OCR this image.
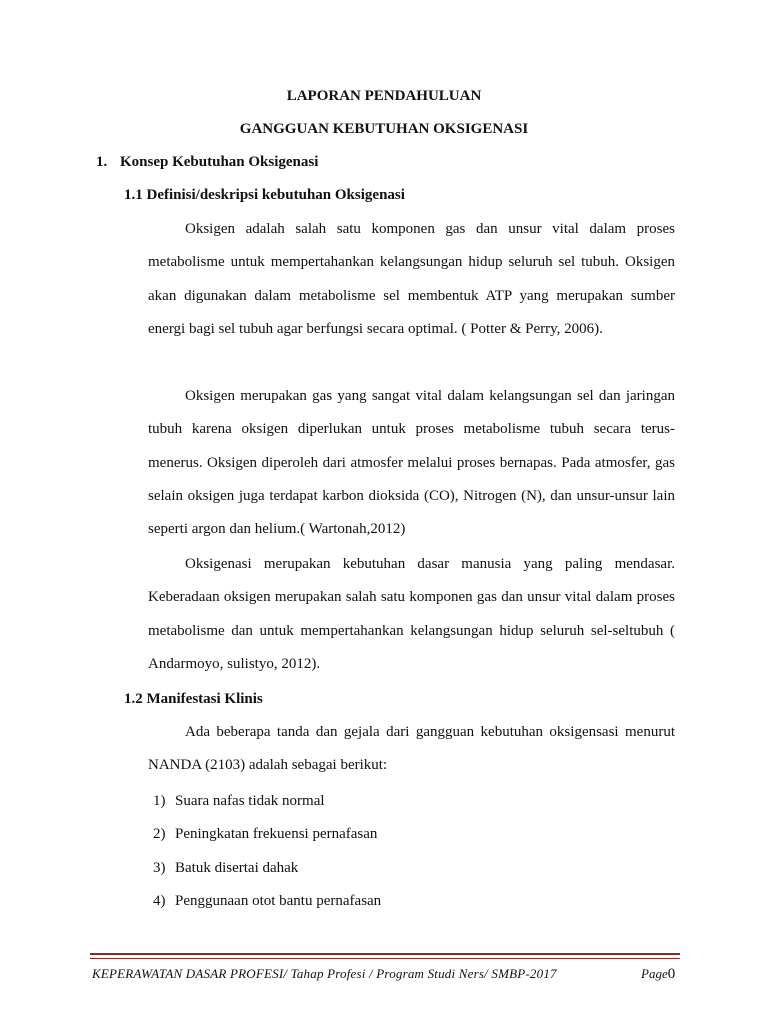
LAPORAN PENDAHULUAN
GANGGUAN KEBUTUHAN OKSIGENASI
1. Konsep Kebutuhan Oksigenasi
1.1 Definisi/deskripsi kebutuhan Oksigenasi

Oksigen adalah salah satu komponen gas dan unsur vital dalam proses metabolisme untuk mempertahankan kelangsungan hidup seluruh sel tubuh. Oksigen akan digunakan dalam metabolisme sel membentuk ATP yang merupakan sumber energi bagi sel tubuh agar berfungsi secara optimal. ( Potter & Perry, 2006).

Oksigen merupakan gas yang sangat vital dalam kelangsungan sel dan jaringan tubuh karena oksigen diperlukan untuk proses metabolisme tubuh secara terus-menerus. Oksigen diperoleh dari atmosfer melalui proses bernapas. Pada atmosfer, gas selain oksigen juga terdapat karbon dioksida (CO), Nitrogen (N), dan unsur-unsur lain seperti argon dan helium.( Wartonah,2012)

Oksigenasi merupakan kebutuhan dasar manusia yang paling mendasar. Keberadaan oksigen merupakan salah satu komponen gas dan unsur vital dalam proses metabolisme dan untuk mempertahankan kelangsungan hidup seluruh sel-seltubuh ( Andarmoyo, sulistyo, 2012).

1.2 Manifestasi Klinis

Ada beberapa tanda dan gejala dari gangguan kebutuhan oksigensasi menurut NANDA (2103) adalah sebagai berikut:

1) Suara nafas tidak normal
2) Peningkatan frekuensi pernafasan
3) Batuk disertai dahak
4) Penggunaan otot bantu pernafasan
KEPERAWATAN DASAR PROFESI/ Tahap Profesi / Program Studi Ners/ SMBP-2017	Page0
